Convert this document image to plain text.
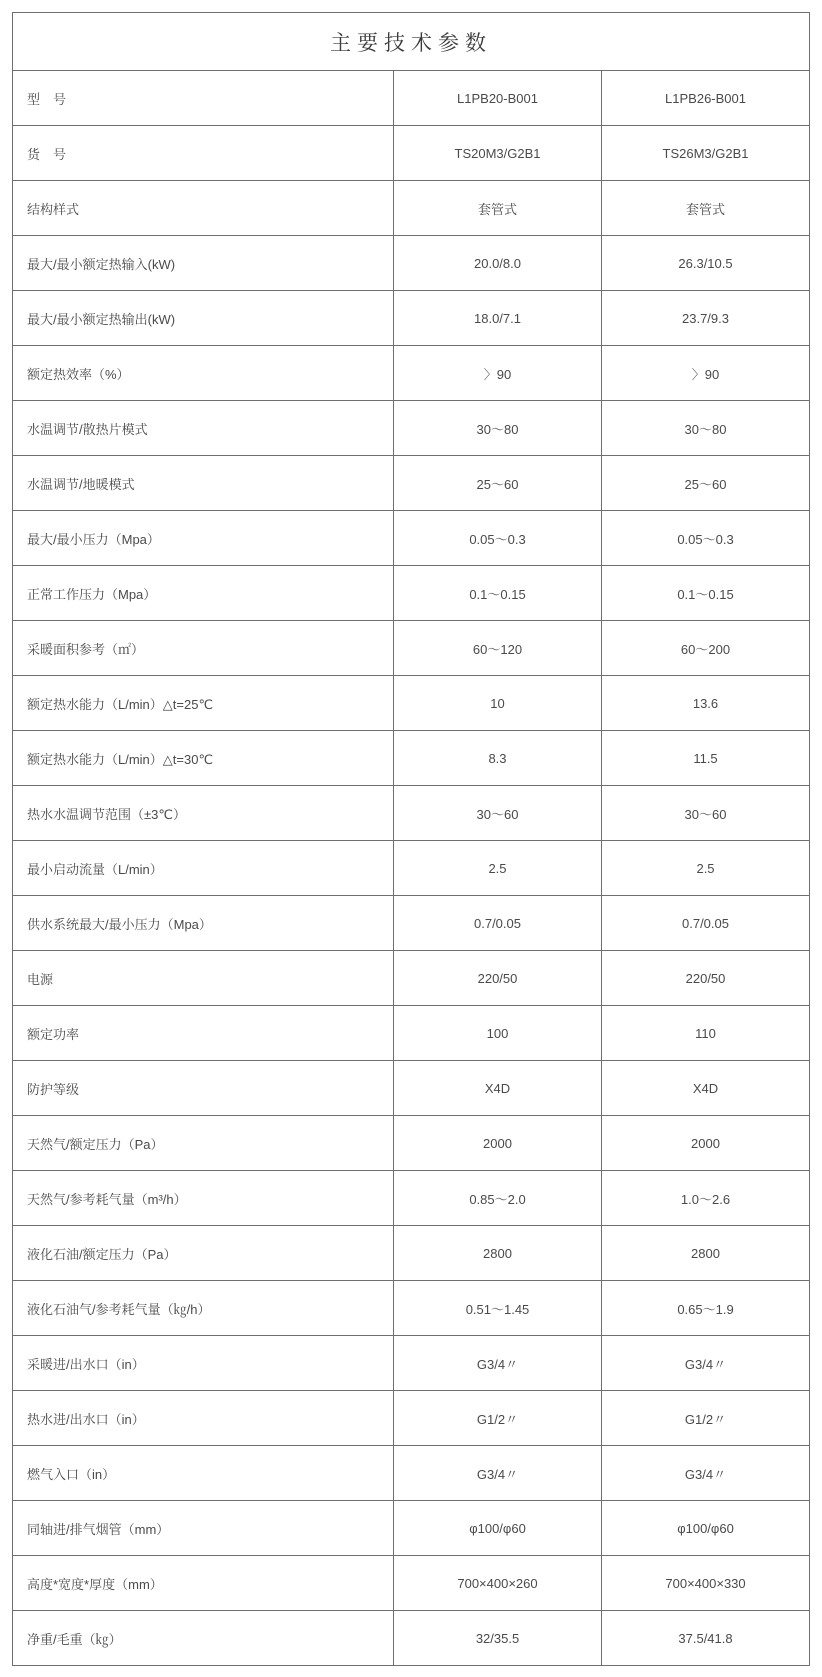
主要技术参数		
型　号	L1PB20-B001	L1PB26-B001
货　号	TS20M3/G2B1	TS26M3/G2B1
结构样式	套管式	套管式
最大/最小额定热输入(kW)	20.0/8.0	26.3/10.5
最大/最小额定热输出(kW)	18.0/7.1	23.7/9.3
额定热效率（%）	〉90	〉90
水温调节/散热片模式	30～80	30～80
水温调节/地暖模式	25～60	25～60
最大/最小压力（Mpa）	0.05～0.3	0.05～0.3
正常工作压力（Mpa）	0.1～0.15	0.1～0.15
采暖面积参考（㎡）	60～120	60～200
额定热水能力（L/min）△t=25℃	10	13.6
额定热水能力（L/min）△t=30℃	8.3	11.5
热水水温调节范围（±3℃）	30～60	30～60
最小启动流量（L/min）	2.5	2.5
供水系统最大/最小压力（Mpa）	0.7/0.05	0.7/0.05
电源	220/50	220/50
额定功率	100	110
防护等级	X4D	X4D
天然气/额定压力（Pa）	2000	2000
天然气/参考耗气量（m³/h）	0.85～2.0	1.0～2.6
液化石油/额定压力（Pa）	2800	2800
液化石油气/参考耗气量（㎏/h）	0.51～1.45	0.65～1.9
采暖进/出水口（in）	G3/4〃	G3/4〃
热水进/出水口（in）	G1/2〃	G1/2〃
燃气入口（in）	G3/4〃	G3/4〃
同轴进/排气烟管（mm）	φ100/φ60	φ100/φ60
高度*宽度*厚度（mm）	700×400×260	700×400×330
净重/毛重（㎏）	32/35.5	37.5/41.8
